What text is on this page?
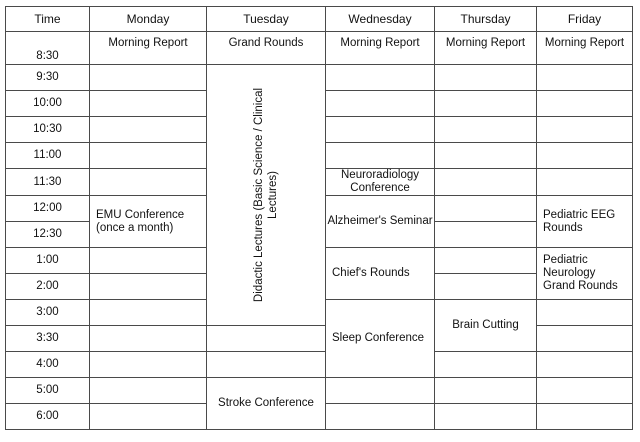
Time	Monday	Tuesday	Wednesday	Thursday	Friday
8:30	Morning Report	Grand Rounds	Morning Report	Morning Report	Morning Report
9:30		Didactic Lectures (Basic Science / Clinical Lectures)			

10:00					
10:30					
11:00					
11:30			Neuroradiology Conference		
12:00	EMU Conference (once a month)		Alzheimer's Seminar		Pediatric EEG Rounds
12:30					
1:00			Chief's Rounds		Pediatric Neurology Grand Rounds
2:00					
3:00			Sleep Conference	Brain Cutting	
3:30					
4:00					
5:00		Stroke Conference			
6:00					
